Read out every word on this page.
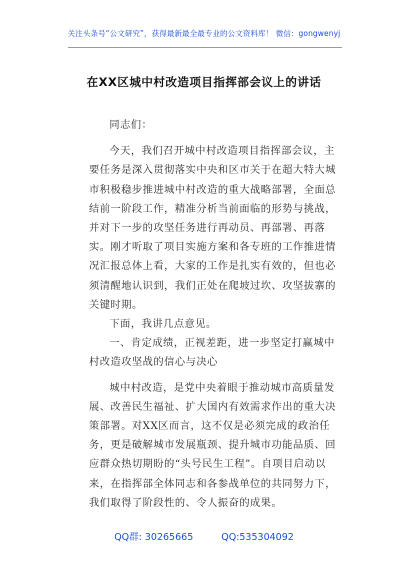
关注头条号“公文研究”，获得最新最全最专业的公文资料库！ 微信：gongwenyj
在XX区城中村改造项目指挥部会议上的讲话

同志们：

今天，我们召开城中村改造项目指挥部会议，主要任务是深入贯彻落实中央和区市关于在超大特大城市积极稳步推进城中村改造的重大战略部署，全面总结前一阶段工作，精准分析当前面临的形势与挑战，并对下一步的攻坚任务进行再动员、再部署、再落实。刚才听取了项目实施方案和各专班的工作推进情况汇报总体上看，大家的工作是扎实有效的，但也必须清醒地认识到，我们正处在爬坡过坎、攻坚拔寨的关键时期。

下面，我讲几点意见。

一、肯定成绩，正视差距，进一步坚定打赢城中村改造攻坚战的信心与决心

城中村改造，是党中央着眼于推动城市高质量发展、改善民生福祉、扩大国内有效需求作出的重大决策部署。对XX区而言，这不仅是必须完成的政治任务，更是破解城市发展瓶颈、提升城市功能品质、回应群众热切期盼的“头号民生工程”。自项目启动以来，在指挥部全体同志和各参战单位的共同努力下，我们取得了阶段性的、令人振奋的成果。

QQ群: 30265665	QQ:535304092
